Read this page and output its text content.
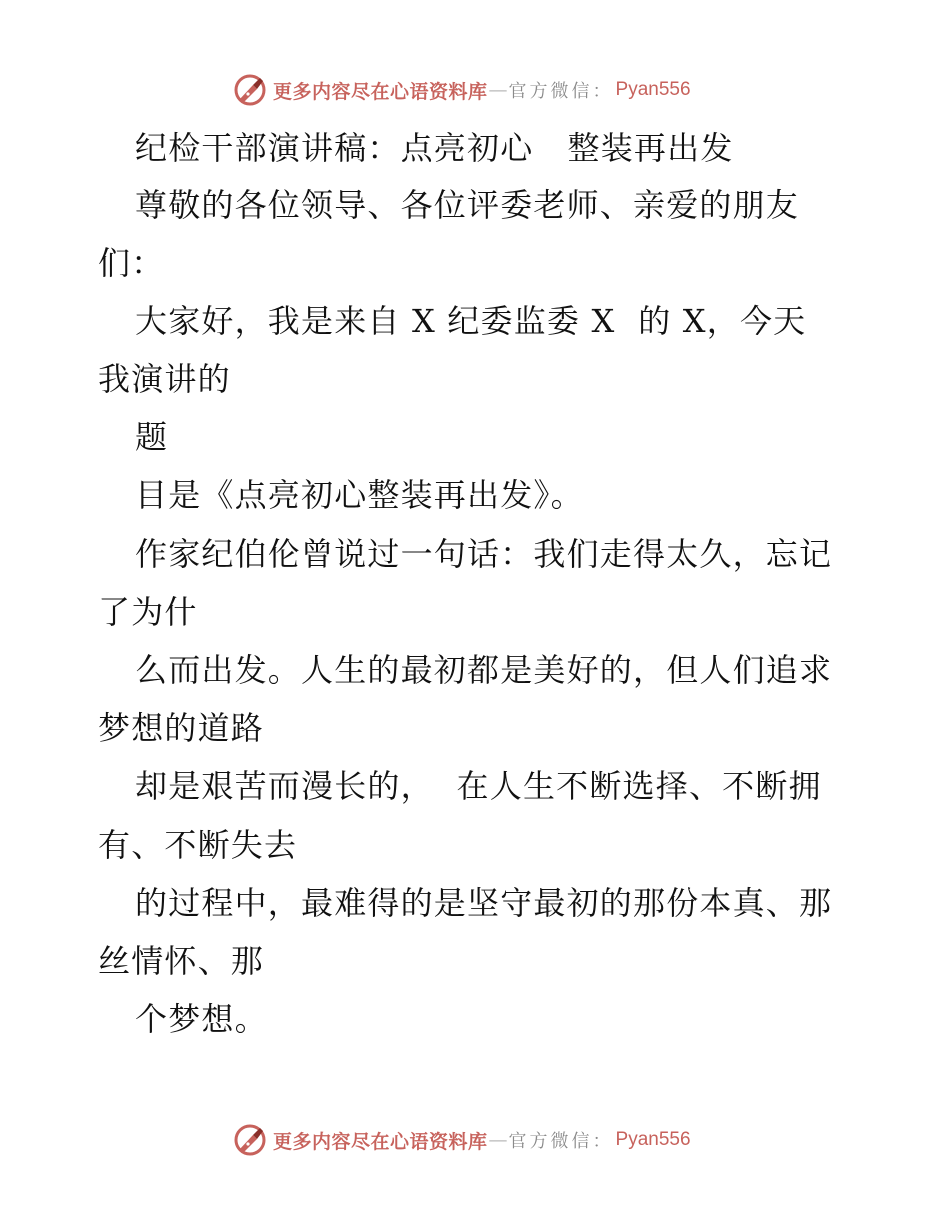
更多内容尽在心语资料库 — 官方微信： Pyan556
纪检干部演讲稿：点亮初心   整装再出发
尊敬的各位领导、各位评委老师、亲爱的朋友
们：
大家好，我是来自 X 纪委监委 X  的 X，今天
我演讲的
题
目是《点亮初心整装再出发》。
作家纪伯伦曾说过一句话：我们走得太久，忘记
了为什
么而出发。人生的最初都是美好的，但人们追求
梦想的道路
却是艰苦而漫长的，  在人生不断选择、不断拥
有、不断失去
的过程中，最难得的是坚守最初的那份本真、那
丝情怀、那
个梦想。
更多内容尽在心语资料库 — 官方微信： Pyan556
